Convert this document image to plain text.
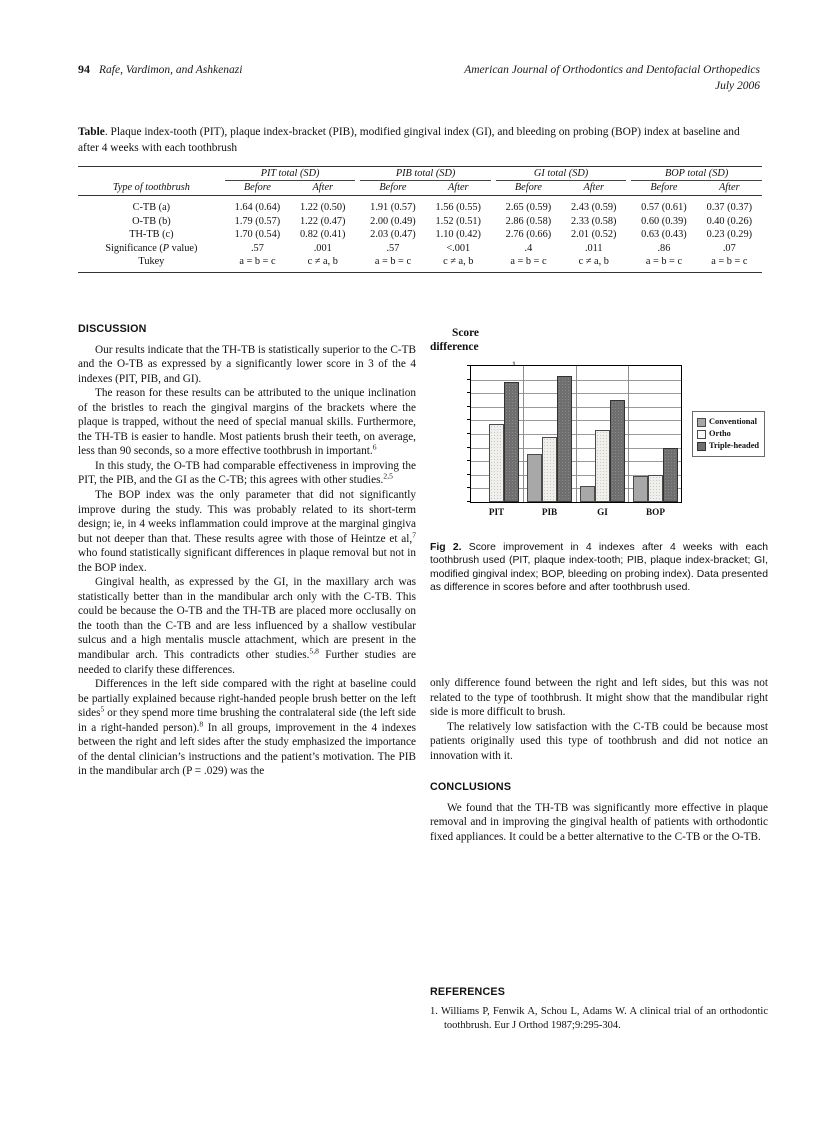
94 Rafe, Vardimon, and Ashkenazi	American Journal of Orthodontics and Dentofacial Orthopedics
July 2006
Table. Plaque index-tooth (PIT), plaque index-bracket (PIB), modified gingival index (GI), and bleeding on probing (BOP) index at baseline and after 4 weeks with each toothbrush
	PIT total (SD)			PIB total (SD)			GI total (SD)			BOP total (SD)	
Type of toothbrush	Before	After		Before	After		Before	After		Before	After

C-TB (a)	1.64 (0.64)	1.22 (0.50)		1.91 (0.57)	1.56 (0.55)		2.65 (0.59)	2.43 (0.59)		0.57 (0.61)	0.37 (0.37)
O-TB (b)	1.79 (0.57)	1.22 (0.47)		2.00 (0.49)	1.52 (0.51)		2.86 (0.58)	2.33 (0.58)		0.60 (0.39)	0.40 (0.26)
TH-TB (c)	1.70 (0.54)	0.82 (0.41)		2.03 (0.47)	1.10 (0.42)		2.76 (0.66)	2.01 (0.52)		0.63 (0.43)	0.23 (0.29)
Significance (P value)	.57	.001		.57	<.001		.4	.011		.86	.07
Tukey	a = b = c	c ≠ a, b		a = b = c	c ≠ a, b		a = b = c	c ≠ a, b		a = b = c	a = b = c
DISCUSSION

Our results indicate that the TH-TB is statistically superior to the C-TB and the O-TB as expressed by a significantly lower score in 3 of the 4 indexes (PIT, PIB, and GI).

The reason for these results can be attributed to the unique inclination of the bristles to reach the gingival margins of the brackets where the plaque is trapped, without the need of special manual skills. Furthermore, the TH-TB is easier to handle. Most patients brush their teeth, on average, less than 90 seconds, so a more effective toothbrush in important.$^6$

In this study, the O-TB had comparable effectiveness in improving the PIT, the PIB, and the GI as the C-TB; this agrees with other studies.$^{2,5}$

The BOP index was the only parameter that did not significantly improve during the study. This was probably related to its short-term design; ie, in 4 weeks inflammation could improve at the marginal gingiva but not deeper than that. These results agree with those of Heintze et al,$^7$ who found statistically significant differences in plaque removal but not in the BOP index.

Gingival health, as expressed by the GI, in the maxillary arch was statistically better than in the mandibular arch only with the C-TB. This could be because the O-TB and the TH-TB are placed more occlusally on the tooth than the C-TB and are less influenced by a shallow vestibular sulcus and a high mentalis muscle attachment, which are present in the mandibular arch. This contradicts other studies.$^{5,8}$ Further studies are needed to clarify these differences.

Differences in the left side compared with the right at baseline could be partially explained because right-handed people brush better on the left sides$^5$ or they spend more time brushing the contralateral side (the left side in a right-handed person).$^8$ In all groups, improvement in the 4 indexes between the right and left sides after the study emphasized the importance of the dental clinician’s instructions and the patient’s motivation. The PIB in the mandibular arch (P = .029) was the

Score
difference
PIT	PIB	GI	BOP
Conventional
Ortho
Triple-headed
Fig 2. Score improvement in 4 indexes after 4 weeks with each toothbrush used (PIT, plaque index-tooth; PIB, plaque index-bracket; GI, modified gingival index; BOP, bleeding on probing index). Data presented as difference in scores before and after toothbrush used.

only difference found between the right and left sides, but this was not related to the type of toothbrush. It might show that the mandibular right side is more difficult to brush.

The relatively low satisfaction with the C-TB could be because most patients originally used this type of toothbrush and did not notice an innovation with it.

CONCLUSIONS

We found that the TH-TB was significantly more effective in plaque removal and in improving the gingival health of patients with orthodontic fixed appliances. It could be a better alternative to the C-TB or the O-TB.

REFERENCES
1. Williams P, Fenwik A, Schou L, Adams W. A clinical trial of an orthodontic toothbrush. Eur J Orthod 1987;9:295-304.
